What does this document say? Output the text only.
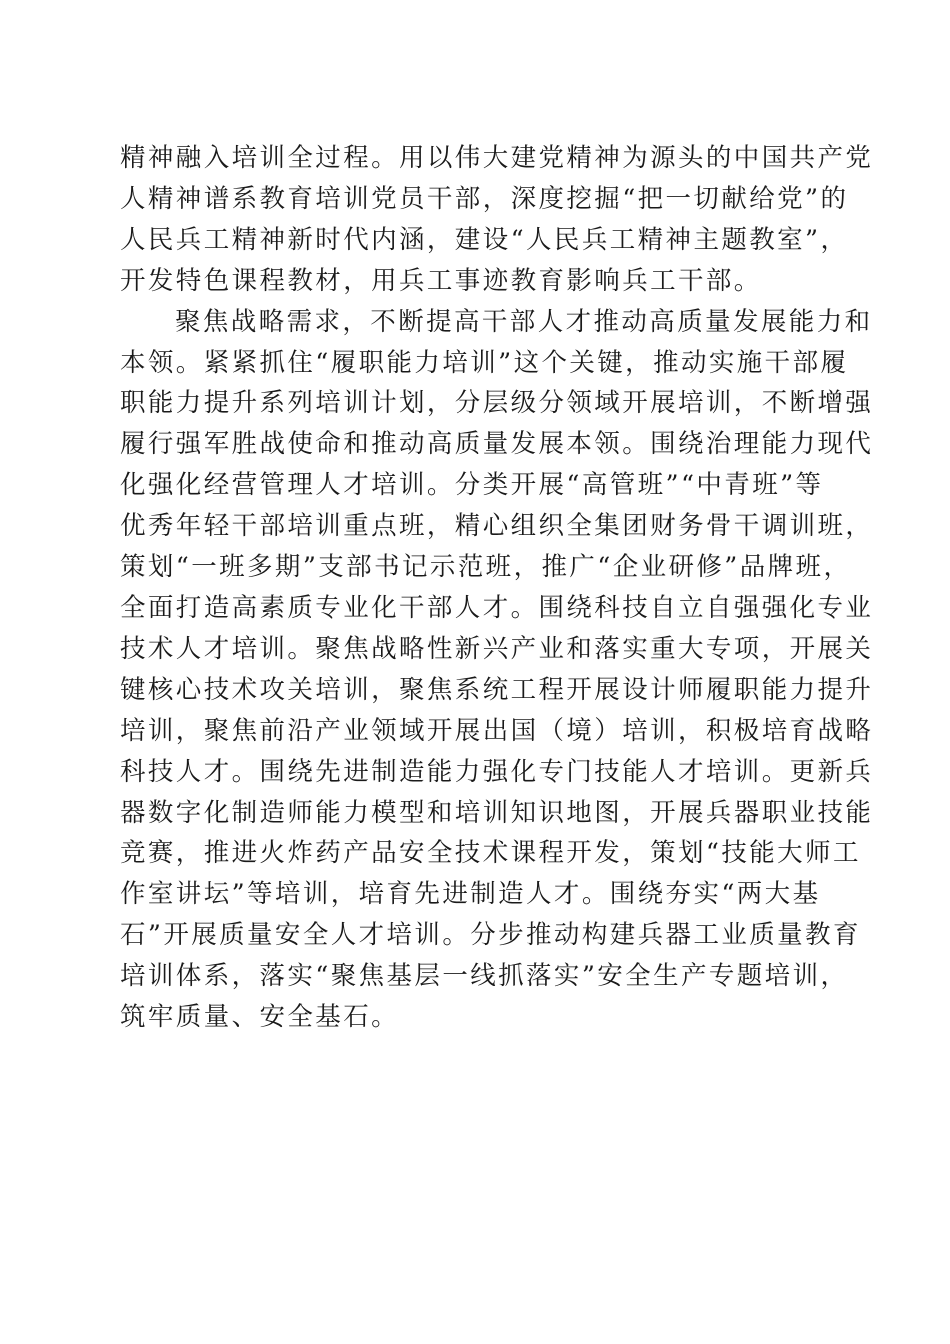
精神融入培训全过程。用以伟大建党精神为源头的中国共产党
人精神谱系教育培训党员干部，深度挖掘“把一切献给党”的
人民兵工精神新时代内涵，建设“人民兵工精神主题教室”，
开发特色课程教材，用兵工事迹教育影响兵工干部。

聚焦战略需求，不断提高干部人才推动高质量发展能力和
本领。紧紧抓住“履职能力培训”这个关键，推动实施干部履
职能力提升系列培训计划，分层级分领域开展培训，不断增强
履行强军胜战使命和推动高质量发展本领。围绕治理能力现代
化强化经营管理人才培训。分类开展“高管班”“中青班”等
优秀年轻干部培训重点班，精心组织全集团财务骨干调训班，
策划“一班多期”支部书记示范班，推广“企业研修”品牌班，
全面打造高素质专业化干部人才。围绕科技自立自强强化专业
技术人才培训。聚焦战略性新兴产业和落实重大专项，开展关
键核心技术攻关培训，聚焦系统工程开展设计师履职能力提升
培训，聚焦前沿产业领域开展出国（境）培训，积极培育战略
科技人才。围绕先进制造能力强化专门技能人才培训。更新兵
器数字化制造师能力模型和培训知识地图，开展兵器职业技能
竞赛，推进火炸药产品安全技术课程开发，策划“技能大师工
作室讲坛”等培训，培育先进制造人才。围绕夯实“两大基
石”开展质量安全人才培训。分步推动构建兵器工业质量教育
培训体系，落实“聚焦基层一线抓落实”安全生产专题培训，
筑牢质量、安全基石。
